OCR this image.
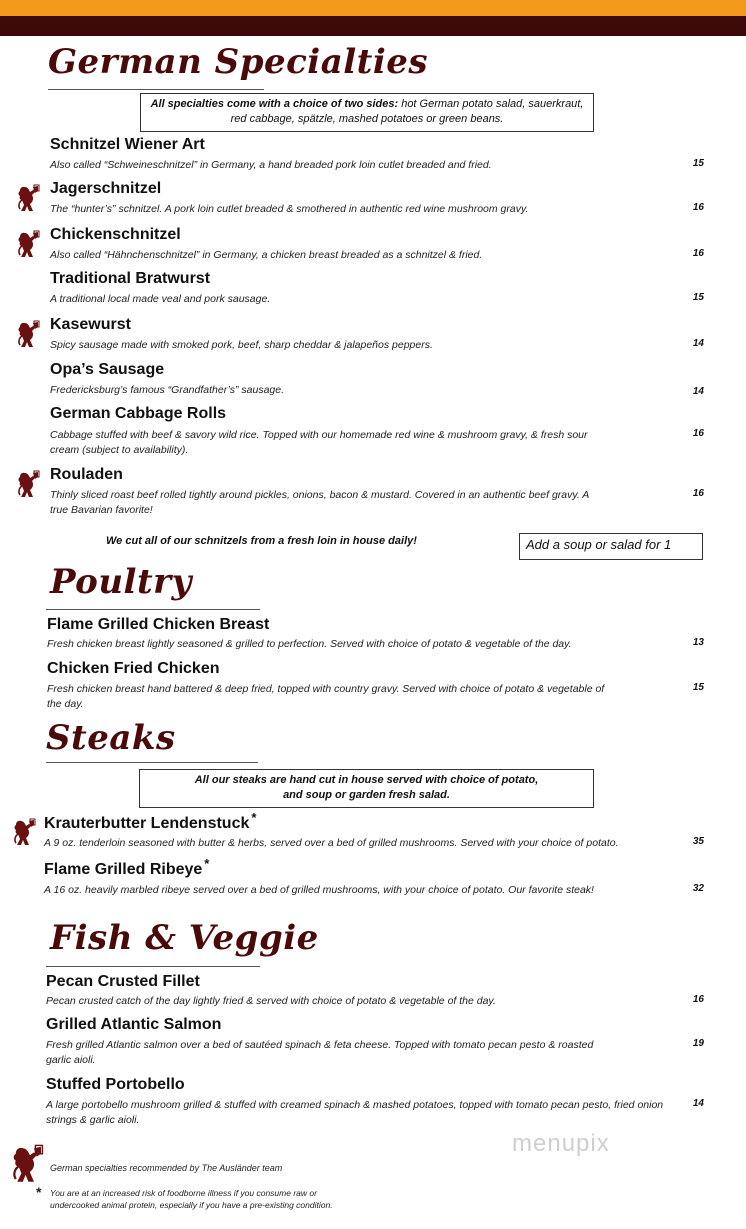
German Specialties
All specialties come with a choice of two sides: hot German potato salad, sauerkraut, red cabbage, spätzle, mashed potatoes or green beans.
Schnitzel Wiener Art
Also called “Schweineschnitzel” in Germany, a hand breaded pork loin cutlet breaded and fried.	15
Jagerschnitzel
The “hunter’s” schnitzel. A pork loin cutlet breaded & smothered in authentic red wine mushroom gravy.	16
Chickenschnitzel
Also called “Hähnchenschnitzel” in Germany, a chicken breast breaded as a schnitzel & fried.	16
Traditional Bratwurst
A traditional local made veal and pork sausage.	15
Kasewurst
Spicy sausage made with smoked pork, beef, sharp cheddar & jalapeños peppers.	14
Opa’s Sausage
Fredericksburg’s famous “Grandfather’s” sausage.	14
German Cabbage Rolls
Cabbage stuffed with beef & savory wild rice. Topped with our homemade red wine & mushroom gravy, & fresh sour cream (subject to availability).
16
Rouladen
Thinly sliced roast beef rolled tightly around pickles, onions, bacon & mustard. Covered in an authentic beef gravy. A true Bavarian favorite!
16
We cut all of our schnitzels from a fresh loin in house daily!	Add a soup or salad for 1
Poultry
Flame Grilled Chicken Breast
Fresh chicken breast lightly seasoned & grilled to perfection. Served with choice of potato & vegetable of the day.	13
Chicken Fried Chicken
Fresh chicken breast hand battered & deep fried, topped with country gravy. Served with choice of potato & vegetable of the day.
15
Steaks
All our steaks are hand cut in house served with choice of potato,
and soup or garden fresh salad.
Krauterbutter Lendenstuck *
A 9 oz. tenderloin seasoned with butter & herbs, served over a bed of grilled mushrooms. Served with your choice of potato.	35
Flame Grilled Ribeye *
A 16 oz. heavily marbled ribeye served over a bed of grilled mushrooms, with your choice of potato. Our favorite steak!	32
Fish & Veggie
Pecan Crusted Fillet
Pecan crusted catch of the day lightly fried & served with choice of potato & vegetable of the day.	16
Grilled Atlantic Salmon
Fresh grilled Atlantic salmon over a bed of sautéed spinach & feta cheese. Topped with tomato pecan pesto & roasted garlic aioli.
19
Stuffed Portobello
A large portobello mushroom grilled & stuffed with creamed spinach & mashed potatoes, topped with tomato pecan pesto, fried onion strings & garlic aioli.
14
German specialties recommended by The Ausländer team
* You are at an increased risk of foodborne illness if you consume raw or undercooked animal protein, especially if you have a pre-existing condition.
menupix
